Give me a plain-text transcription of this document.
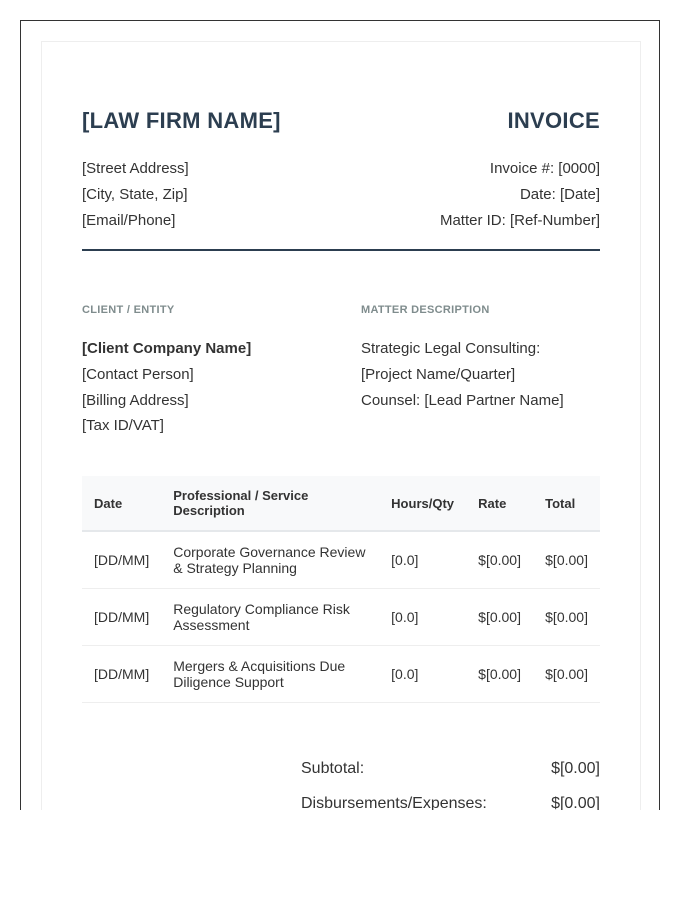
[LAW FIRM NAME]	INVOICE
[Street Address]
[City, State, Zip]
[Email/Phone]
Invoice #: [0000]
Date: [Date]
Matter ID: [Ref-Number]
CLIENT / ENTITY
[Client Company Name]
[Contact Person]
[Billing Address]
[Tax ID/VAT]
MATTER DESCRIPTION
Strategic Legal Consulting:
[Project Name/Quarter]
Counsel: [Lead Partner Name]
Date	Professional / Service Description	Hours/Qty	Rate	Total
[DD/MM]	Corporate Governance Review & Strategy Planning	[0.0]	$[0.00]	$[0.00]
[DD/MM]	Regulatory Compliance Risk Assessment	[0.0]	$[0.00]	$[0.00]
[DD/MM]	Mergers & Acquisitions Due Diligence Support	[0.0]	$[0.00]	$[0.00]
Subtotal:	$[0.00]
Disbursements/Expenses:	$[0.00]
